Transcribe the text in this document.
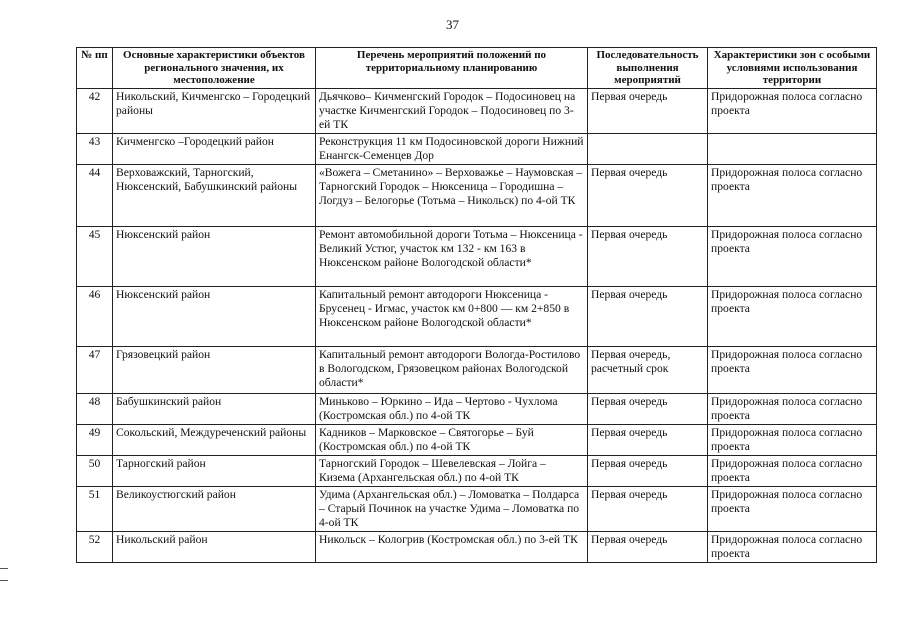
37
№ пп	Основные характеристики объектов регионального значения, их местоположение	Перечень мероприятий положений по территориальному планированию	Последовательность выполнения мероприятий	Характеристики зон с особыми условиями использования территории
42	Никольский, Кичменгско – Городецкий районы	Дьячково– Кичменгский Городок – Подосиновец на участке Кичменгский Городок – Подосиновец по 3-ей ТК	Первая очередь	Придорожная полоса согласно проекта
43	Кичменгско –Городецкий район	Реконструкция 11 км Подосиновской дороги Нижний Енангск-Семенцев Дор		
44	Верховажский, Тарногский, Нюксенский, Бабушкинский районы	«Вожега – Сметанино» – Верховажье – Наумовская – Тарногский Городок – Нюксеница – Городишна – Логдуз – Белогорье (Тотьма – Никольск) по 4-ой ТК	Первая очередь	Придорожная полоса согласно проекта
45	Нюксенский район	Ремонт автомобильной дороги Тотьма – Нюксеница - Великий Устюг, участок км 132 - км 163 в Нюксенском районе Вологодской области*	Первая очередь	Придорожная полоса согласно проекта
46	Нюксенский район	Капитальный ремонт автодороги Нюксеница - Брусенец - Игмас, участок км 0+800 — км 2+850 в Нюксенском районе Вологодской области*	Первая очередь	Придорожная полоса согласно проекта
47	Грязовецкий район	Капитальный ремонт автодороги Вологда-Ростилово в Вологодском, Грязовецком районах Вологодской области*	Первая очередь, расчетный срок	Придорожная полоса согласно проекта
48	Бабушкинский район	Миньково – Юркино – Ида – Чертово - Чухлома (Костромская обл.) по 4-ой ТК	Первая очередь	Придорожная полоса согласно проекта
49	Сокольский, Междуреченский районы	Кадников – Марковское – Святогорье – Буй (Костромская обл.) по 4-ой ТК	Первая очередь	Придорожная полоса согласно проекта
50	Тарногский район	Тарногский Городок – Шевелевская – Лойга – Кизема (Архангельская обл.) по 4-ой ТК	Первая очередь	Придорожная полоса согласно проекта
51	Великоустюгский район	Удима (Архангельская обл.) – Ломоватка – Полдарса – Старый Починок на участке Удима – Ломоватка по 4-ой ТК	Первая очередь	Придорожная полоса согласно проекта
52	Никольский район	Никольск – Кологрив (Костромская обл.) по 3-ей ТК	Первая очередь	Придорожная полоса согласно проекта
